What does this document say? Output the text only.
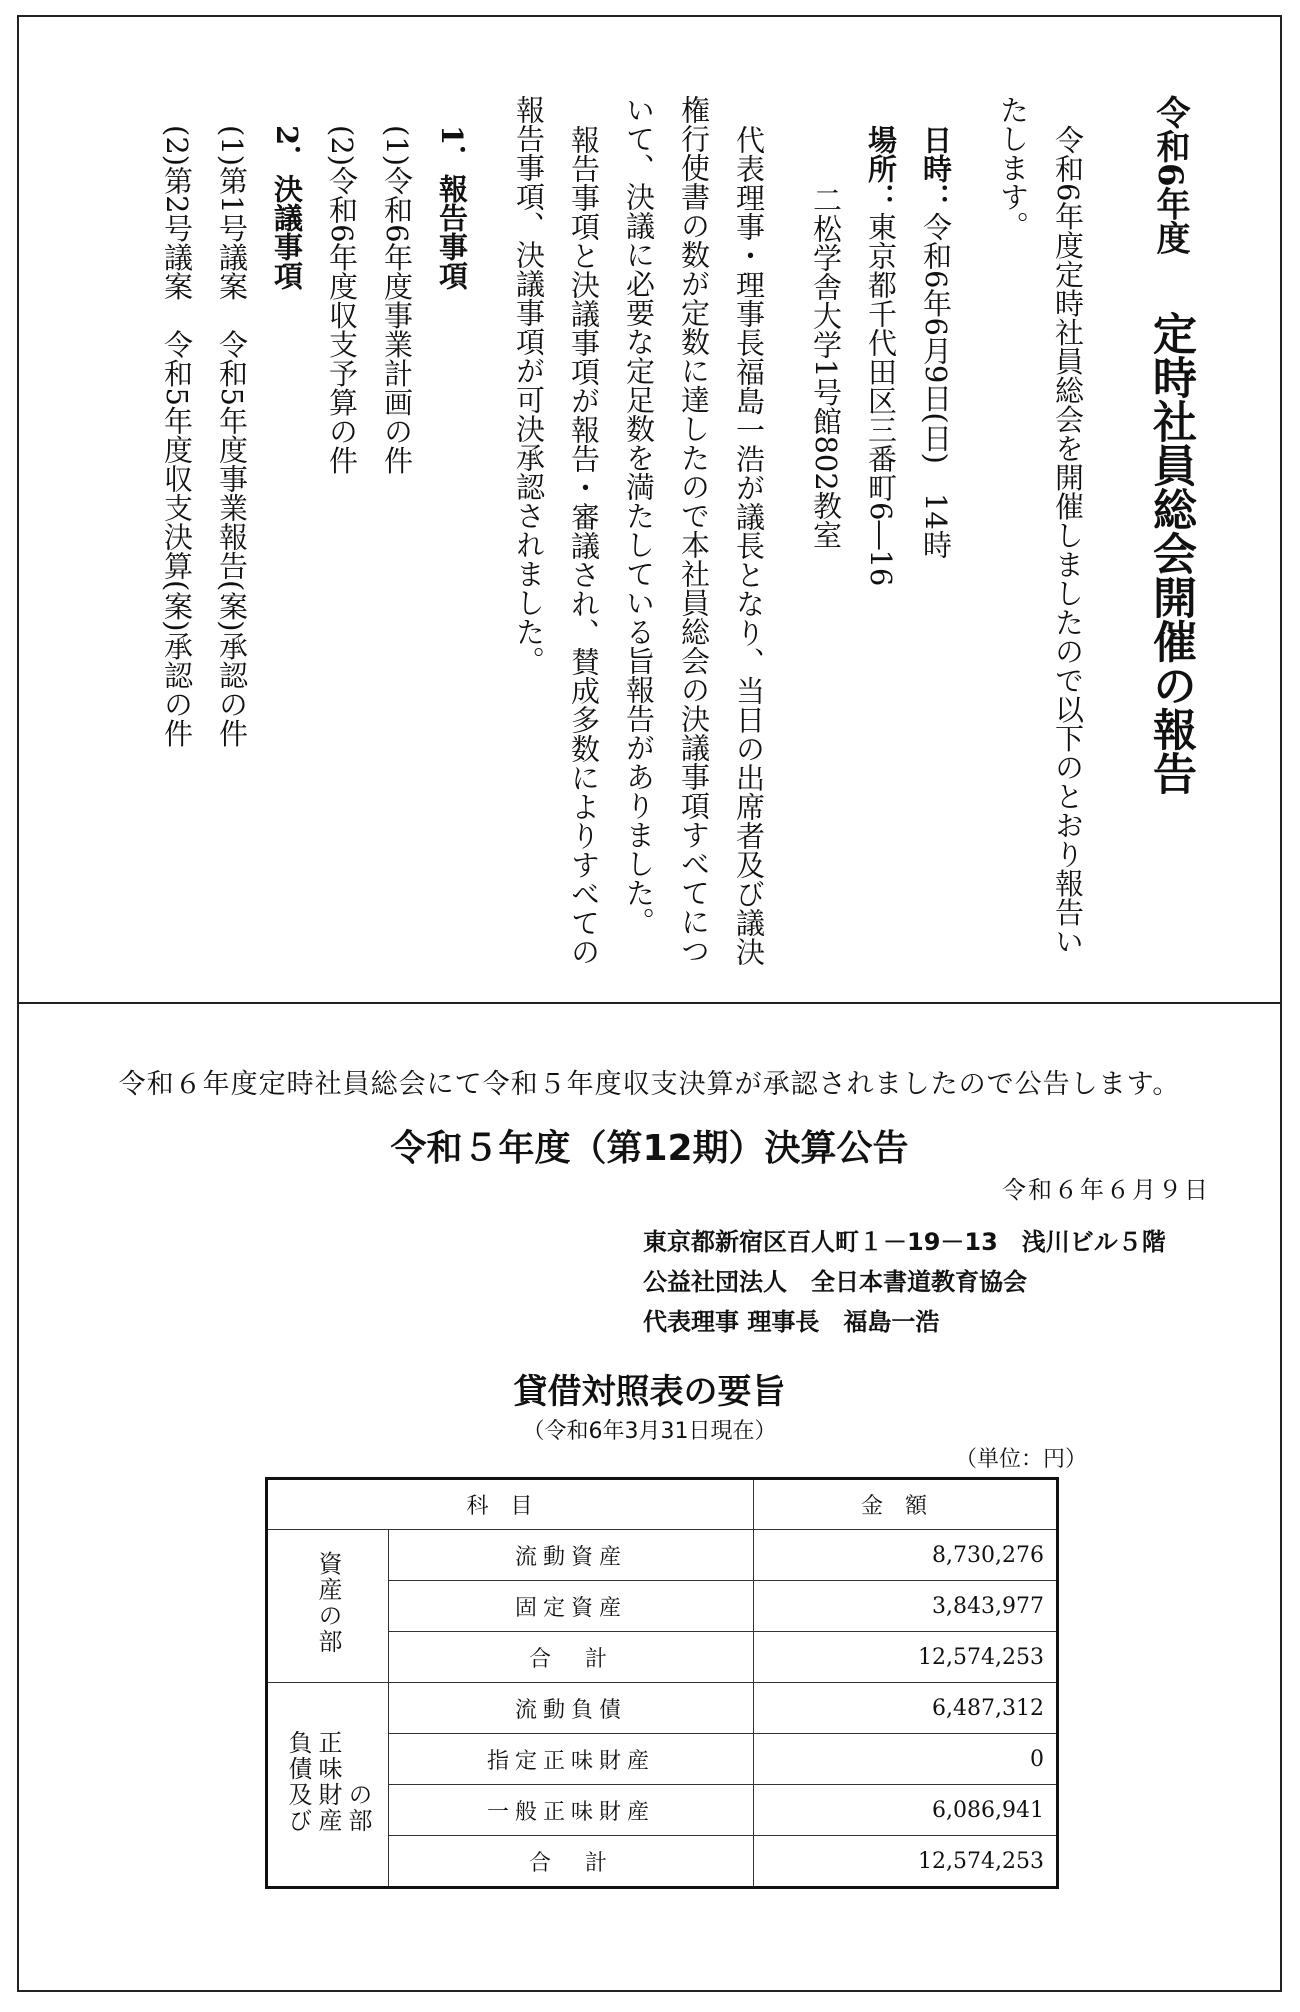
令和6年度　定時社員総会開催の報告
令和6年度定時社員総会を開催しましたので以下のとおり報告い
たします。
日時：令和6年6月9日(日)　14時
場所：東京都千代田区三番町6―16
二松学舎大学1号館802教室
代表理事・理事長福島一浩が議長となり、当日の出席者及び議決
権行使書の数が定数に達したので本社員総会の決議事項すべてにつ
いて、決議に必要な定足数を満たしている旨報告がありました。
報告事項と決議事項が報告・審議され、賛成多数によりすべての
報告事項、決議事項が可決承認されました。
1．報告事項
(1)令和6年度事業計画の件
(2)令和6年度収支予算の件
2．決議事項
(1)第1号議案　令和5年度事業報告(案)承認の件
(2)第2号議案　令和5年度収支決算(案)承認の件
令和６年度定時社員総会にて令和５年度収支決算が承認されましたので公告します。
令和５年度（第12期）決算公告
令和６年６月９日
東京都新宿区百人町１－19－13　浅川ビル５階
公益社団法人　全日本書道教育協会
代表理事 理事長　福島一浩
貸借対照表の要旨
（令和6年3月31日現在）
（単位：円）
科目		金額
資産の部	流動資産	8,730,276
	固定資産	3,843,977
	合　計	12,574,253
負債及び正味財産の部	流動負債	6,487,312
	指定正味財産	0
	一般正味財産	6,086,941
	合　計	12,574,253
